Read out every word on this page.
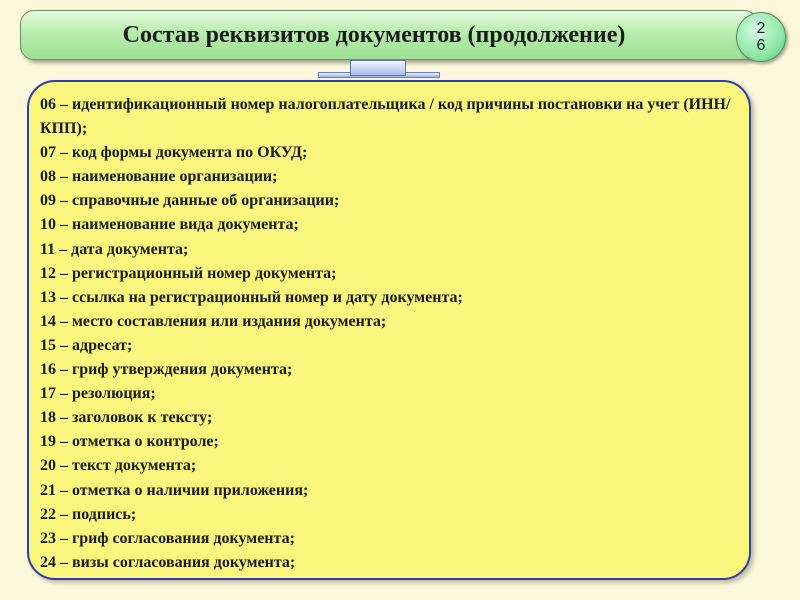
Состав реквизитов документов (продолжение)	2
6
06 – идентификационный номер налогоплательщика / код причины постановки на учет (ИНН/КПП);
07 – код формы документа по ОКУД;
08 – наименование организации;
09 – справочные данные об организации;
10 – наименование вида документа;
11 – дата документа;
12 – регистрационный номер документа;
13 – ссылка на регистрационный номер и дату документа;
14 – место составления или издания документа;
15 – адресат;
16 – гриф утверждения документа;
17 – резолюция;
18 – заголовок к тексту;
19 – отметка о контроле;
20 – текст документа;
21 – отметка о наличии приложения;
22 – подпись;
23 – гриф согласования документа;
24 – визы согласования документа;
